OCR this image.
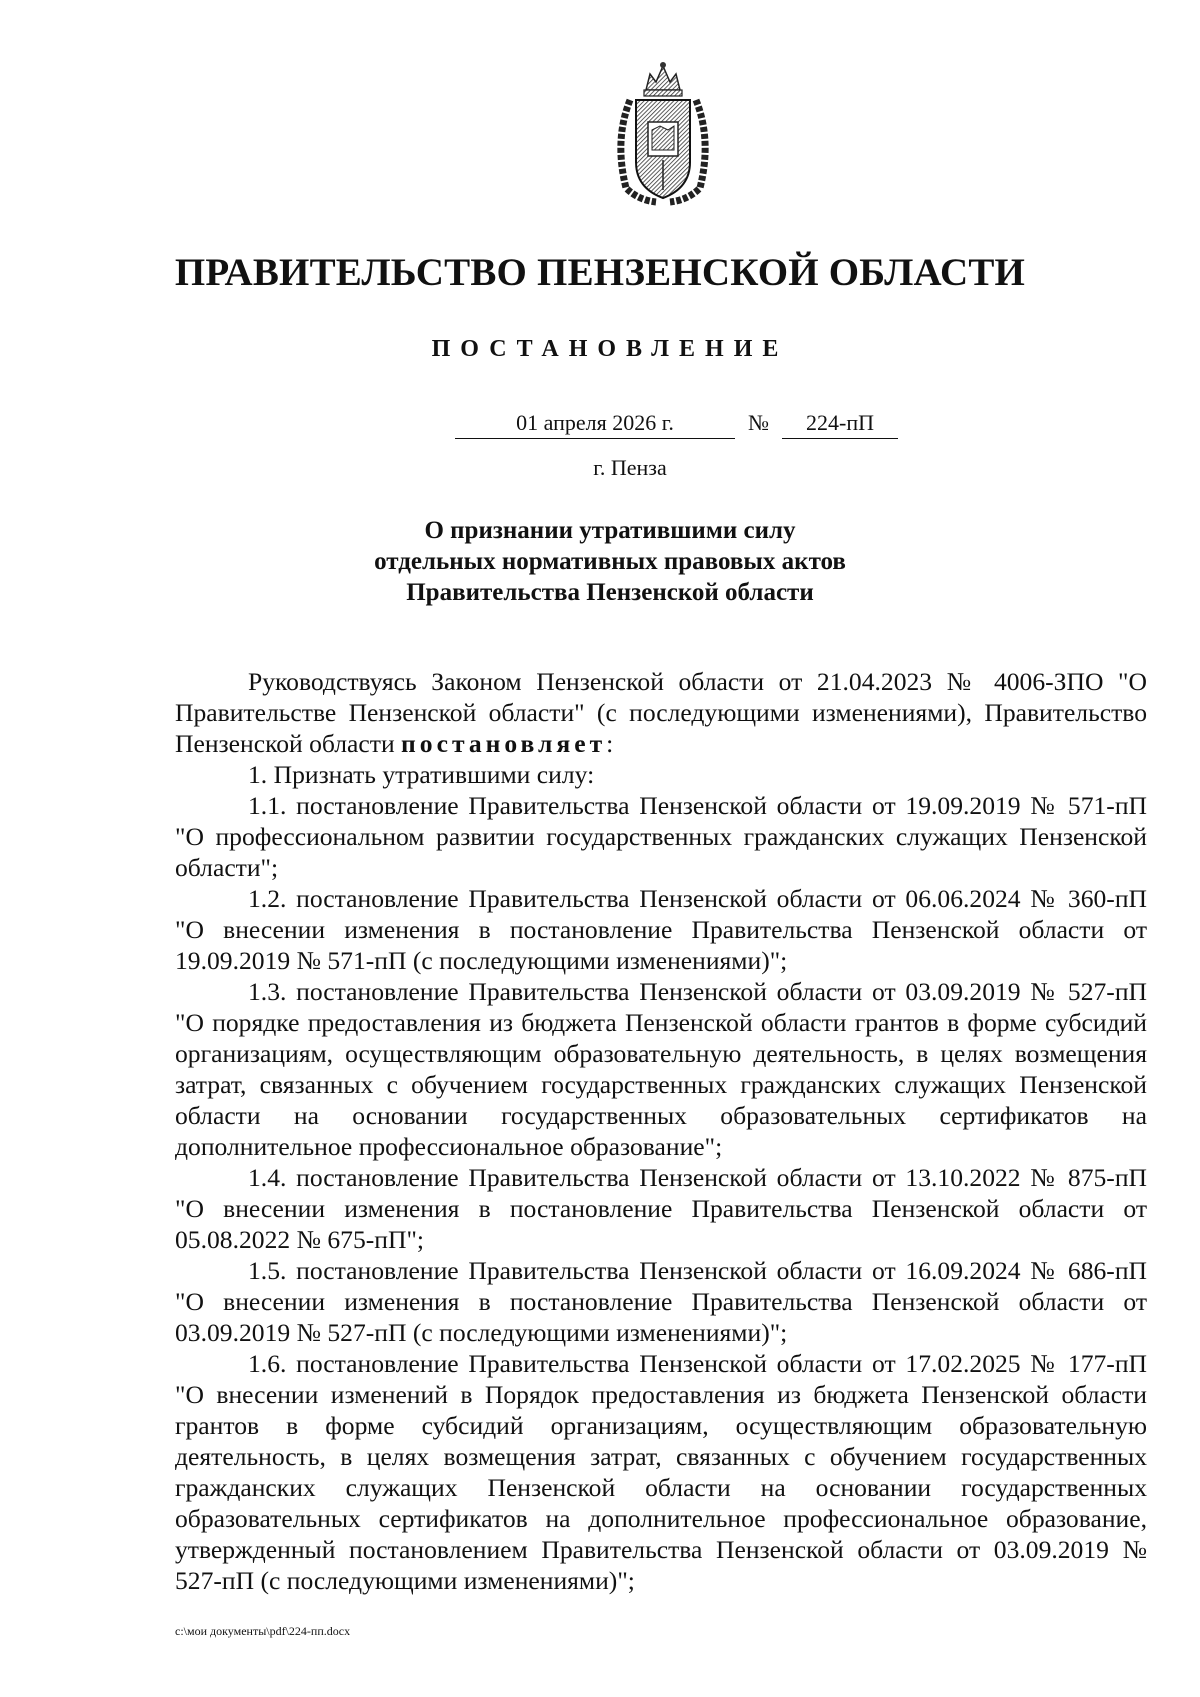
ПРАВИТЕЛЬСТВО ПЕНЗЕНСКОЙ ОБЛАСТИ
ПОСТАНОВЛЕНИЕ
01 апреля 2026 г.	№	224-пП
г. Пенза
О признании утратившими силу
отдельных нормативных правовых актов
Правительства Пензенской области

Руководствуясь Законом Пензенской области от 21.04.2023 № 4006-ЗПО "О Правительстве Пензенской области" (с последующими изменениями), Правительство Пензенской области постановляет:

1. Признать утратившими силу:

1.1. постановление Правительства Пензенской области от 19.09.2019 № 571-пП "О профессиональном развитии государственных гражданских служащих Пензенской области";

1.2. постановление Правительства Пензенской области от 06.06.2024 № 360-пП "О внесении изменения в постановление Правительства Пензенской области от 19.09.2019 № 571-пП (с последующими изменениями)";

1.3. постановление Правительства Пензенской области от 03.09.2019 № 527-пП "О порядке предоставления из бюджета Пензенской области грантов в форме субсидий организациям, осуществляющим образовательную деятельность, в целях возмещения затрат, связанных с обучением государственных гражданских служащих Пензенской области на основании государственных образовательных сертификатов на дополнительное профессиональное образование";

1.4. постановление Правительства Пензенской области от 13.10.2022 № 875-пП "О внесении изменения в постановление Правительства Пензенской области от 05.08.2022 № 675-пП";

1.5. постановление Правительства Пензенской области от 16.09.2024 № 686-пП "О внесении изменения в постановление Правительства Пензенской области от 03.09.2019 № 527-пП (с последующими изменениями)";

1.6. постановление Правительства Пензенской области от 17.02.2025 № 177-пП "О внесении изменений в Порядок предоставления из бюджета Пензенской области грантов в форме субсидий организациям, осуществляющим образовательную деятельность, в целях возмещения затрат, связанных с обучением государственных гражданских служащих Пензенской области на основании государственных образовательных сертификатов на дополнительное профессиональное образование, утвержденный постановлением Правительства Пензенской области от 03.09.2019 № 527-пП (с последующими изменениями)";

c:\мои документы\pdf\224-пп.docx
